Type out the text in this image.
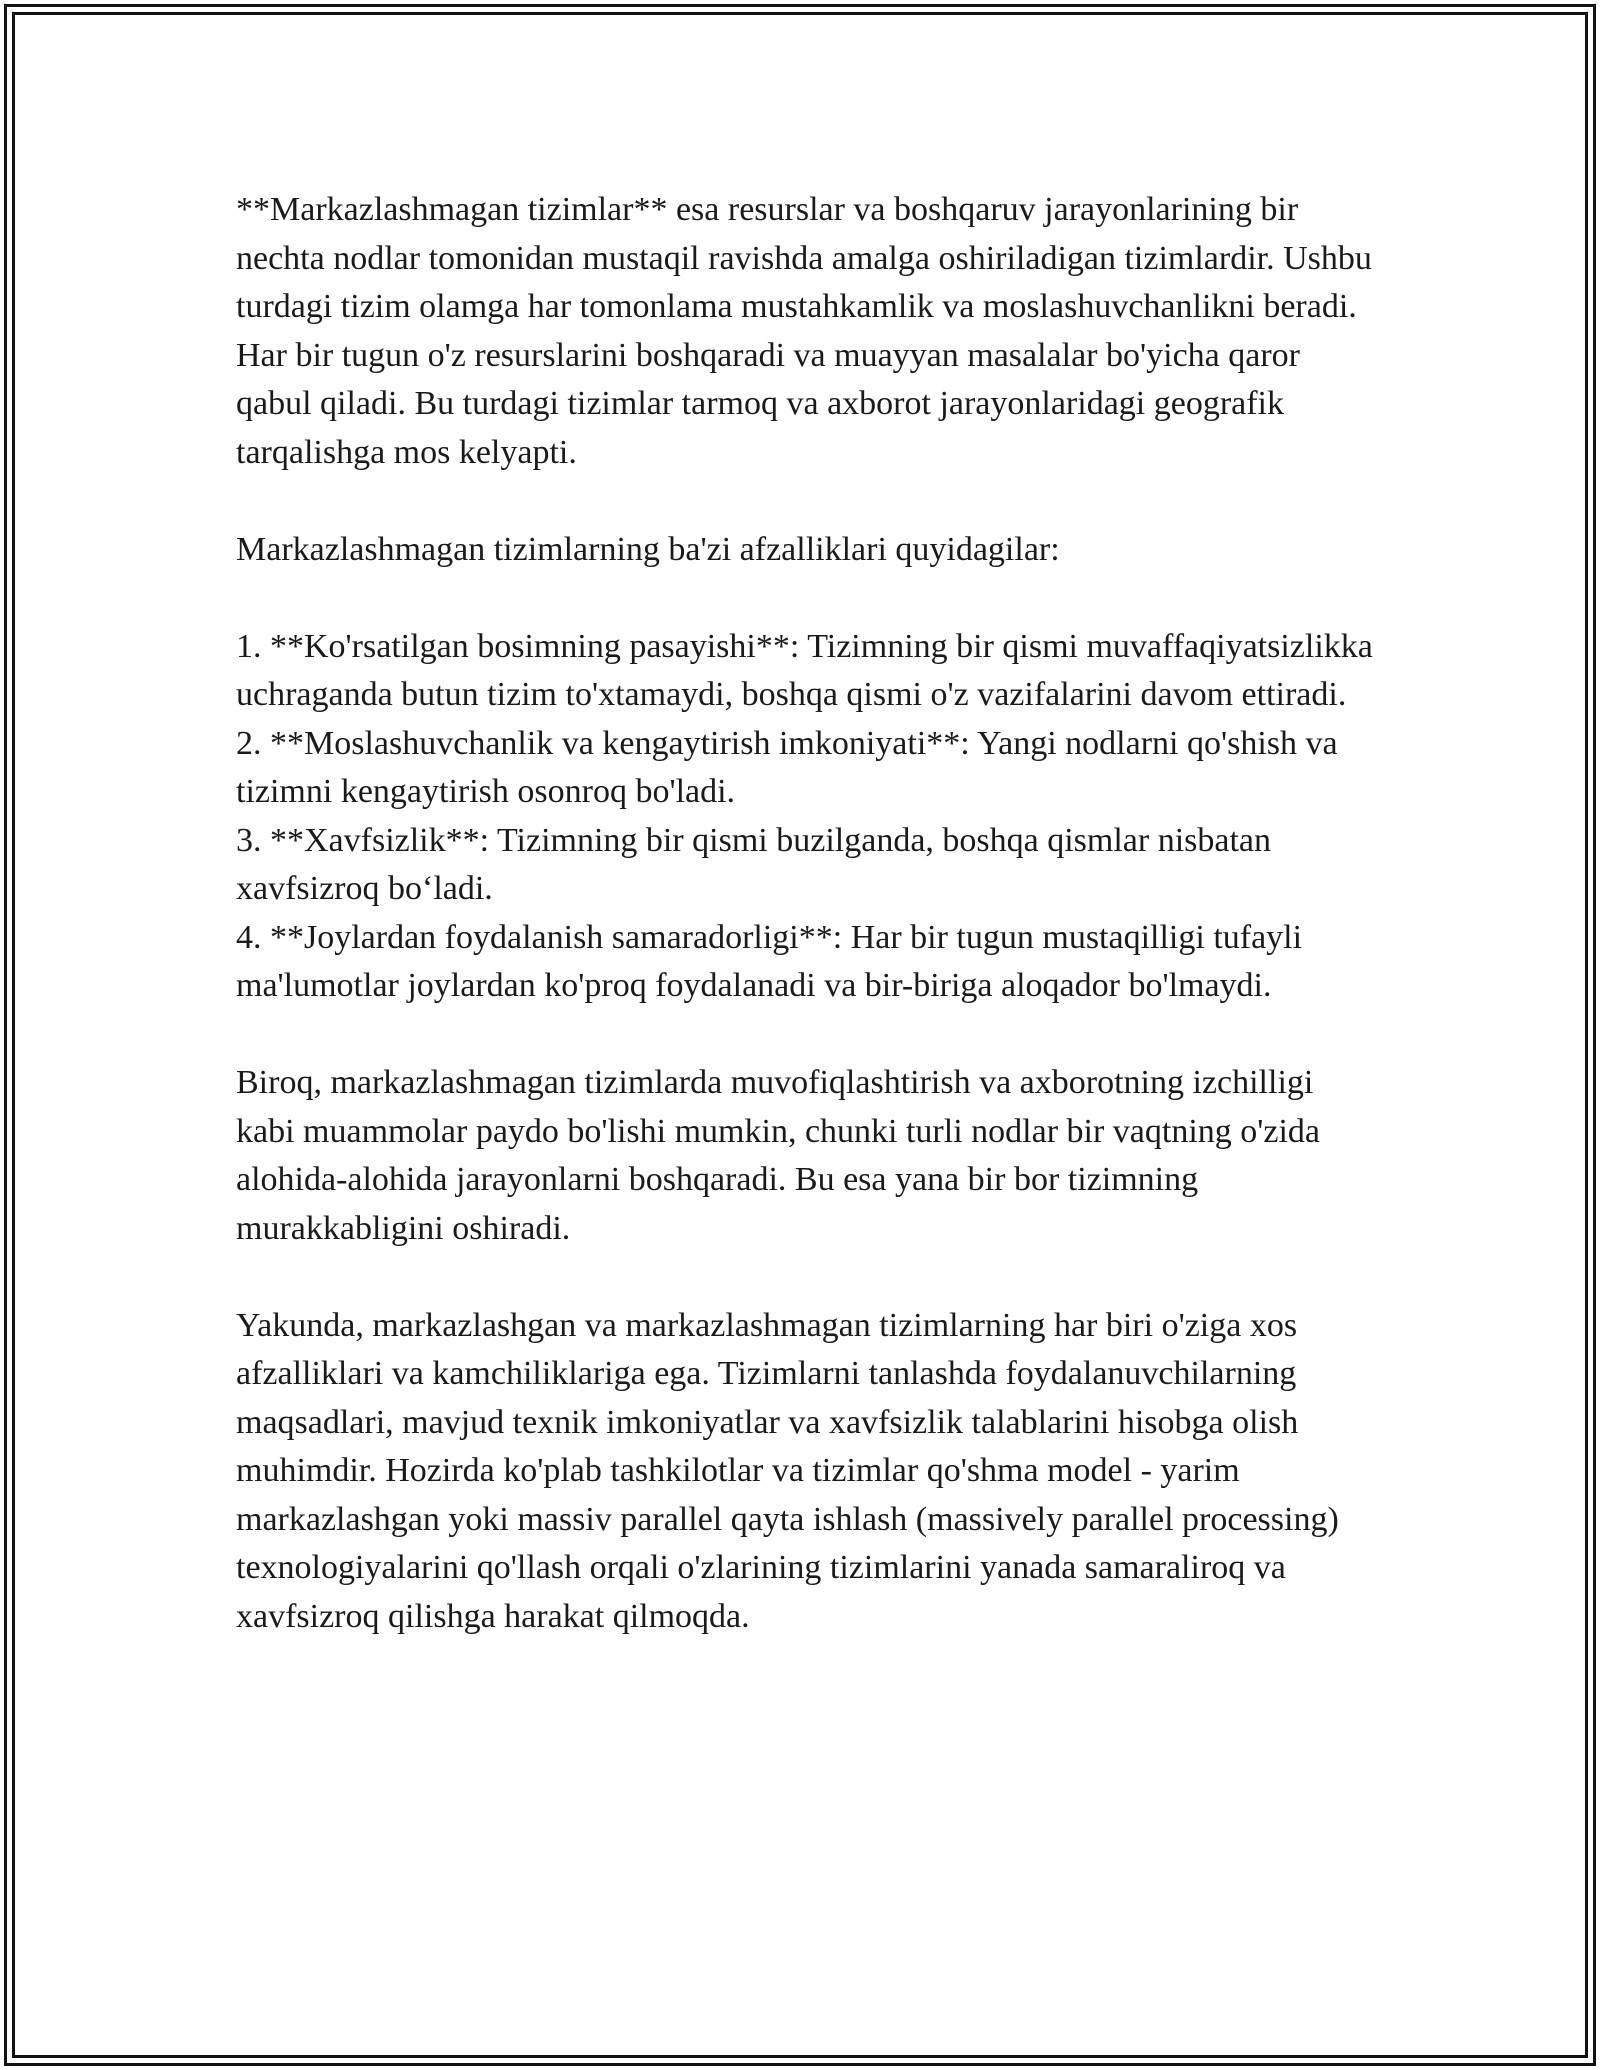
**Markazlashmagan tizimlar** esa resurslar va boshqaruv jarayonlarining bir nechta nodlar tomonidan mustaqil ravishda amalga oshiriladigan tizimlardir. Ushbu turdagi tizim olamga har tomonlama mustahkamlik va moslashuvchanlikni beradi. Har bir tugun o'z resurslarini boshqaradi va muayyan masalalar bo'yicha qaror qabul qiladi. Bu turdagi tizimlar tarmoq va axborot jarayonlaridagi geografik tarqalishga mos kelyapti.

Markazlashmagan tizimlarning ba'zi afzalliklari quyidagilar:

1. **Ko'rsatilgan bosimning pasayishi**: Tizimning bir qismi muvaffaqiyatsizlikka uchraganda butun tizim to'xtamaydi, boshqa qismi o'z vazifalarini davom ettiradi.

2. **Moslashuvchanlik va kengaytirish imkoniyati**: Yangi nodlarni qo'shish va tizimni kengaytirish osonroq bo'ladi.

3. **Xavfsizlik**: Tizimning bir qismi buzilganda, boshqa qismlar nisbatan xavfsizroq bo‘ladi.

4. **Joylardan foydalanish samaradorligi**: Har bir tugun mustaqilligi tufayli ma'lumotlar joylardan ko'proq foydalanadi va bir-biriga aloqador bo'lmaydi.

Biroq, markazlashmagan tizimlarda muvofiqlashtirish va axborotning izchilligi kabi muammolar paydo bo'lishi mumkin, chunki turli nodlar bir vaqtning o'zida alohida-alohida jarayonlarni boshqaradi. Bu esa yana bir bor tizimning murakkabligini oshiradi.

Yakunda, markazlashgan va markazlashmagan tizimlarning har biri o'ziga xos afzalliklari va kamchiliklariga ega. Tizimlarni tanlashda foydalanuvchilarning maqsadlari, mavjud texnik imkoniyatlar va xavfsizlik talablarini hisobga olish muhimdir. Hozirda ko'plab tashkilotlar va tizimlar qo'shma model - yarim markazlashgan yoki massiv parallel qayta ishlash (massively parallel processing) texnologiyalarini qo'llash orqali o'zlarining tizimlarini yanada samaraliroq va xavfsizroq qilishga harakat qilmoqda.
